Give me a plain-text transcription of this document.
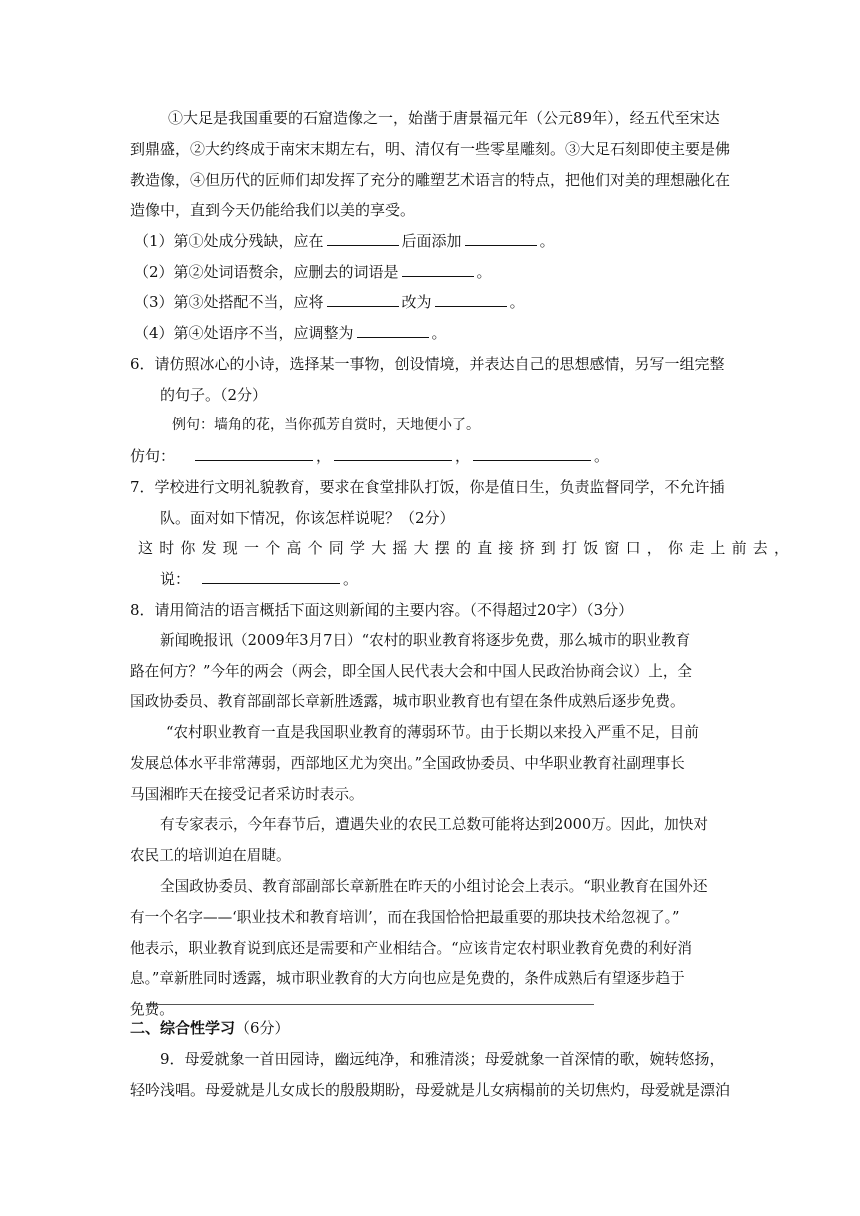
①大足是我国重要的石窟造像之一，始凿于唐景福元年（公元89年），经五代至宋达
到鼎盛，②大约终成于南宋末期左右，明、清仅有一些零星雕刻。③大足石刻即使主要是佛
教造像，④但历代的匠师们却发挥了充分的雕塑艺术语言的特点，把他们对美的理想融化在
造像中，直到今天仍能给我们以美的享受。
（1）第①处成分残缺，应在	后面添加	。
（2）第②处词语赘余，应删去的词语是	。
（3）第③处搭配不当，应将	改为	。
（4）第④处语序不当，应调整为	。
6．请仿照冰心的小诗，选择某一事物，创设情境，并表达自己的思想感情，另写一组完整
的句子。（2分）
例句：墙角的花，当你孤芳自赏时，天地便小了。
仿句：	，	，	。
7．学校进行文明礼貌教育，要求在食堂排队打饭，你是值日生，负责监督同学，不允许插
队。面对如下情况，你该怎样说呢？（2分）
这时你发现一个高个同学大摇大摆的直接挤到打饭窗口，你走上前去，
说：	。
8．请用简洁的语言概括下面这则新闻的主要内容。（不得超过20字）（3分）
新闻晚报讯（2009年3月7日）“农村的职业教育将逐步免费，那么城市的职业教育
路在何方？”今年的两会（两会，即全国人民代表大会和中国人民政治协商会议）上，全
国政协委员、教育部副部长章新胜透露，城市职业教育也有望在条件成熟后逐步免费。
“农村职业教育一直是我国职业教育的薄弱环节。由于长期以来投入严重不足，目前
发展总体水平非常薄弱，西部地区尤为突出。”全国政协委员、中华职业教育社副理事长
马国湘昨天在接受记者采访时表示。
有专家表示，今年春节后，遭遇失业的农民工总数可能将达到2000万。因此，加快对
农民工的培训迫在眉睫。
全国政协委员、教育部副部长章新胜在昨天的小组讨论会上表示。“职业教育在国外还
有一个名字——‘职业技术和教育培训’，而在我国恰恰把最重要的那块技术给忽视了。”
他表示，职业教育说到底还是需要和产业相结合。“应该肯定农村职业教育免费的利好消
息。”章新胜同时透露，城市职业教育的大方向也应是免费的，条件成熟后有望逐步趋于
免费。
二、综合性学习（6分）
9．母爱就象一首田园诗，幽远纯净，和雅清淡；母爱就象一首深情的歌，婉转悠扬，
轻吟浅唱。母爱就是儿女成长的殷殷期盼，母爱就是儿女病榻前的关切焦灼，母爱就是漂泊
